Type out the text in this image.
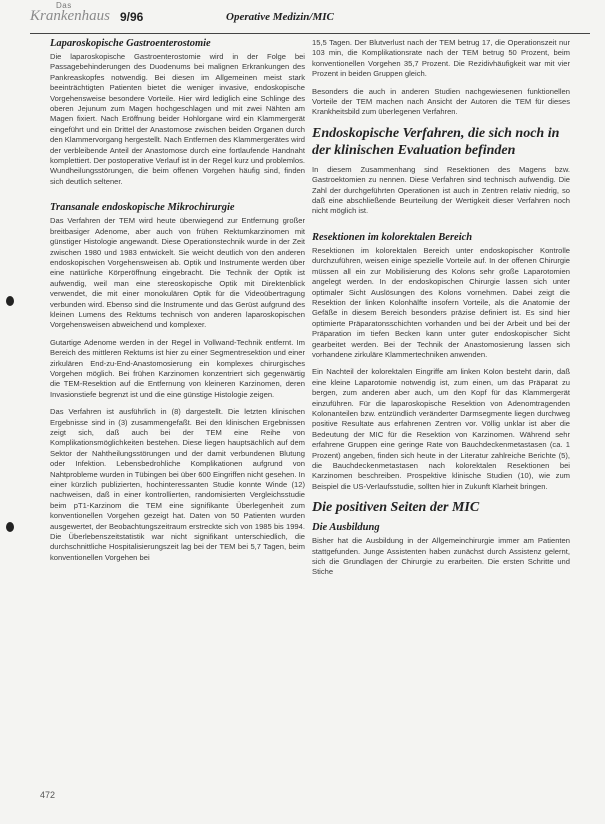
Das
Krankenhaus 9/96	Operative Medizin/MIC
Laparoskopische Gastroenterostomie

Die laparoskopische Gastroenterostomie wird in der Folge bei Passagebehinderungen des Duodenums bei malignen Erkrankungen des Pankreaskopfes notwendig. Bei diesen im Allgemeinen meist stark beeinträchtigten Patienten bietet die weniger invasive, endoskopische Vorgehensweise besondere Vorteile. Hier wird lediglich eine Schlinge des oberen Jejunum zum Magen hochgeschlagen und mit zwei Nähten am Magen fixiert. Nach Eröffnung beider Hohlorgane wird ein Klammergerät eingeführt und ein Drittel der Anastomose zwischen beiden Organen durch den Klammervorgang hergestellt. Nach Entfernen des Klammergerätes wird der verbleibende Anteil der Anastomose durch eine fortlaufende Handnaht komplettiert. Der postoperative Verlauf ist in der Regel kurz und problemlos. Wundheilungsstörungen, die beim offenen Vorgehen häufig sind, finden sich deutlich seltener.

Transanale endoskopische Mikrochirurgie

Das Verfahren der TEM wird heute überwiegend zur Entfernung großer breitbasiger Adenome, aber auch von frühen Rektumkarzinomen mit günstiger Histologie angewandt. Diese Operationstechnik wurde in der Zeit zwischen 1980 und 1983 entwickelt. Sie weicht deutlich von den anderen endoskopischen Vorgehensweisen ab. Optik und Instrumente werden über eine natürliche Körperöffnung eingebracht. Die Technik der Optik ist aufwendig, weil man eine stereoskopische Optik mit Direktenblick verwendet, die mit einer monokulären Optik für die Videoübertragung verbunden wird. Ebenso sind die Instrumente und das Gerüst aufgrund des kleinen Lumens des Rektums technisch von anderen laparoskopischen Vorgehensweisen abweichend und komplexer.

Gutartige Adenome werden in der Regel in Vollwand-Technik entfernt. Im Bereich des mittleren Rektums ist hier zu einer Segmentresektion und einer zirkulären End-zu-End-Anastomosierung ein komplexes chirurgisches Vorgehen möglich. Bei frühen Karzinomen konzentriert sich gegenwärtig die TEM-Resektion auf die Entfernung von kleineren Karzinomen, deren Invasionstiefe begrenzt ist und die eine günstige Histologie zeigen.

Das Verfahren ist ausführlich in (8) dargestellt. Die letzten klinischen Ergebnisse sind in (3) zusammengefaßt. Bei den klinischen Ergebnissen zeigt sich, daß auch bei der TEM eine Reihe von Komplikationsmöglichkeiten bestehen. Diese liegen hauptsächlich auf dem Sektor der Nahtheilungsstörungen und der damit verbundenen Blutung oder Infektion. Lebensbedrohliche Komplikationen aufgrund von Nahtprobleme wurden in Tübingen bei über 600 Eingriffen nicht gesehen. In einer kürzlich publizierten, hochinteressanten Studie konnte Winde (12) nachweisen, daß in einer kontrollierten, randomisierten Vergleichsstudie beim pT1-Karzinom die TEM eine signifikante Überlegenheit zum konventionellen Vorgehen gezeigt hat. Daten von 50 Patienten wurden ausgewertet, der Beobachtungszeitraum erstreckte sich von 1985 bis 1994. Die Überlebenszeitstatistik war nicht signifikant unterschiedlich, die durchschnittliche Hospitalisierungszeit lag bei der TEM bei 5,7 Tagen, beim konventionellen Vorgehen bei

15,5 Tagen. Der Blutverlust nach der TEM betrug 17, die Operationszeit nur 103 min, die Komplikationsrate nach der TEM betrug 50 Prozent, beim konventionellen Vorgehen 35,7 Prozent. Die Rezidivhäufigkeit war mit vier Prozent in beiden Gruppen gleich.

Besonders die auch in anderen Studien nachgewiesenen funktionellen Vorteile der TEM machen nach Ansicht der Autoren die TEM für dieses Krankheitsbild zum überlegenen Verfahren.

Endoskopische Verfahren, die sich noch in der klinischen Evaluation befinden

In diesem Zusammenhang sind Resektionen des Magens bzw. Gastroektomien zu nennen. Diese Verfahren sind technisch aufwendig. Die Zahl der durchgeführten Operationen ist auch in Zentren relativ niedrig, so daß eine abschließende Beurteilung der Wertigkeit dieser Verfahren noch nicht möglich ist.

Resektionen im kolorektalen Bereich

Resektionen im kolorektalen Bereich unter endoskopischer Kontrolle durchzuführen, weisen einige spezielle Vorteile auf. In der offenen Chirurgie müssen all ein zur Mobilisierung des Kolons sehr große Laparotomien angelegt werden. In der endoskopischen Chirurgie lassen sich unter optimaler Sicht Auslösungen des Kolons vornehmen. Dabei zeigt die Resektion der linken Kolonhälfte insofern Vorteile, als die Anatomie der Gefäße in diesem Bereich besonders präzise definiert ist. Es sind hier optimierte Präparatonsschichten vorhanden und bei der Arbeit und bei der Präparation im tiefen Becken kann unter guter endoskopischer Sicht gearbeitet werden. Bei der Technik der Anastomosierung lassen sich vorhandene zirkuläre Klammertechniken anwenden.

Ein Nachteil der kolorektalen Eingriffe am linken Kolon besteht darin, daß eine kleine Laparotomie notwendig ist, zum einen, um das Präparat zu bergen, zum anderen aber auch, um den Kopf für das Klammergerät einzuführen. Für die laparoskopische Resektion von Adenomtragenden Kolonanteilen bzw. entzündlich veränderter Darmsegmente liegen durchweg positive Resultate aus erfahrenen Zentren vor. Völlig unklar ist aber die Bedeutung der MIC für die Resektion von Karzinomen. Während sehr erfahrene Gruppen eine geringe Rate von Bauchdeckenmetastasen (ca. 1 Prozent) angeben, finden sich heute in der Literatur zahlreiche Berichte (5), die Bauchdeckenmetastasen nach kolorektalen Resektionen bei Karzinomen beschreiben. Prospektive klinische Studien (10), wie zum Beispiel die US-Verlaufsstudie, sollten hier in Zukunft Klarheit bringen.

Die positiven Seiten der MIC
Die Ausbildung

Bisher hat die Ausbildung in der Allgemeinchirurgie immer am Patienten stattgefunden. Junge Assistenten haben zunächst durch Assistenz gelernt, sich die Grundlagen der Chirurgie zu erarbeiten. Die ersten Schritte und Stiche

472
